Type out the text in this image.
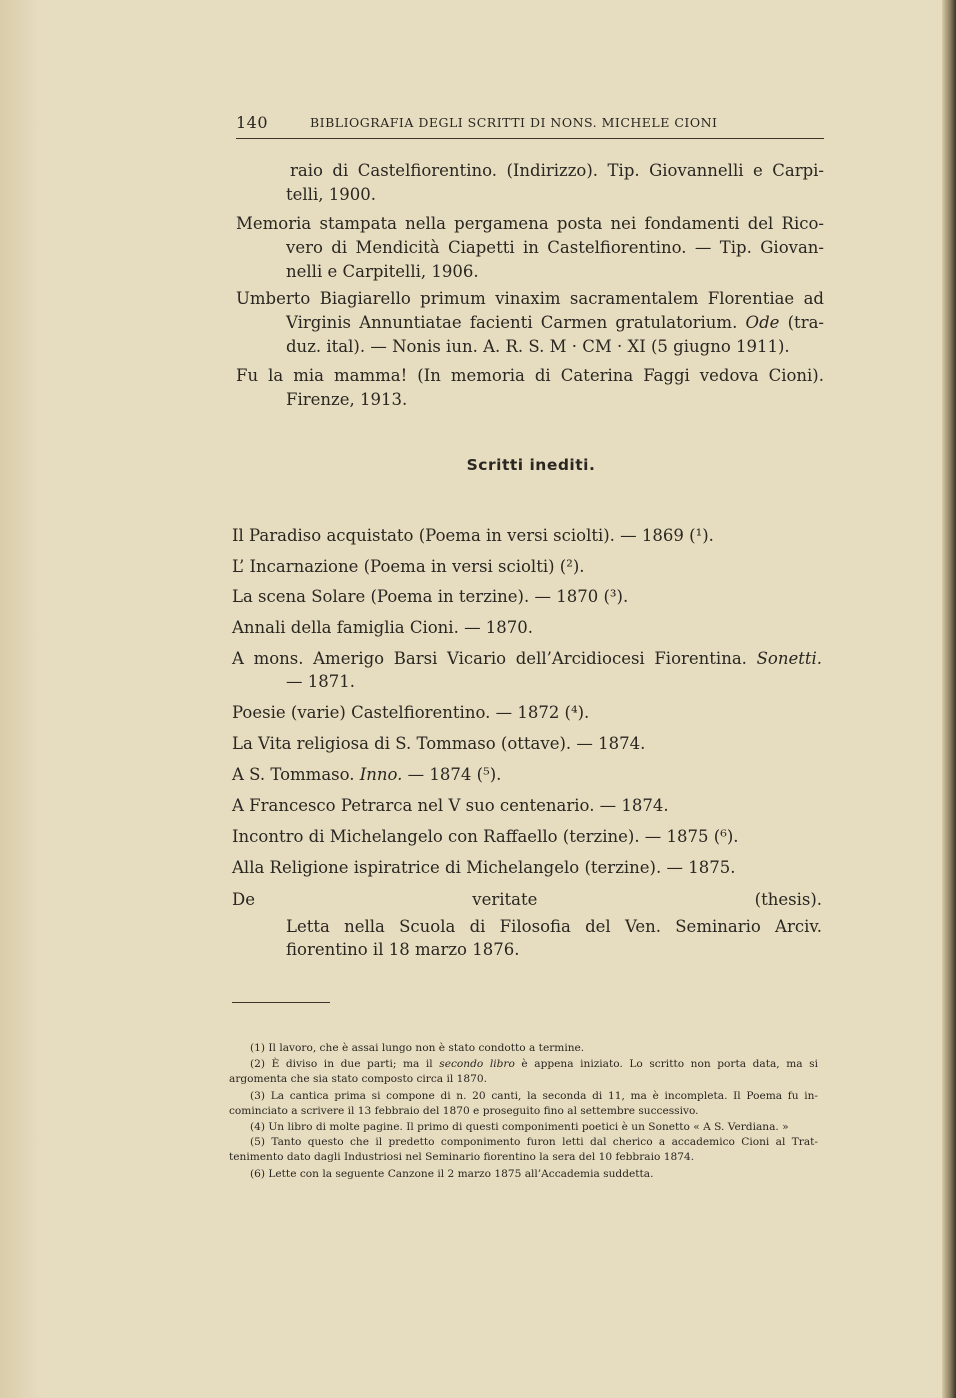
140	BIBLIOGRAFIA DEGLI SCRITTI DI NONS. MICHELE CIONI
raio di Castelfiorentino. (Indirizzo). Tip. Giovannelli e Carpi-
telli, 1900.
Memoria stampata nella pergamena posta nei fondamenti del Rico-
vero di Mendicità Ciapetti in Castelfiorentino. — Tip. Giovan-
nelli e Carpitelli, 1906.
Umberto Biagiarello primum vinaxim sacramentalem Florentiae ad
Virginis Annuntiatae facienti Carmen gratulatorium. Ode (tra-
duz. ital). — Nonis iun. A. R. S. M · CM · XI (5 giugno 1911).
Fu la mia mamma! (In memoria di Caterina Faggi vedova Cioni).
Firenze, 1913.
Scritti inediti.
Il Paradiso acquistato (Poema in versi sciolti). — 1869 (¹).
L’ Incarnazione (Poema in versi sciolti) (²).
La scena Solare (Poema in terzine). — 1870 (³).
Annali della famiglia Cioni. — 1870.
A mons. Amerigo Barsi Vicario dell’Arcidiocesi Fiorentina. Sonetti.
— 1871.
Poesie (varie) Castelfiorentino. — 1872 (⁴).
La Vita religiosa di S. Tommaso (ottave). — 1874.
A S. Tommaso. Inno. — 1874 (⁵).
A Francesco Petrarca nel V suo centenario. — 1874.
Incontro di Michelangelo con Raffaello (terzine). — 1875 (⁶).
Alla Religione ispiratrice di Michelangelo (terzine). — 1875.
De veritate (thesis).
Letta nella Scuola di Filosofia del Ven. Seminario Arciv.
fiorentino il 18 marzo 1876.
(1) Il lavoro, che è assai lungo non è stato condotto a termine.
(2) È diviso in due parti; ma il secondo libro è appena iniziato. Lo scritto non porta data, ma si
argomenta che sia stato composto circa il 1870.
(3) La cantica prima si compone di n. 20 canti, la seconda di 11, ma è incompleta. Il Poema fu in-
cominciato a scrivere il 13 febbraio del 1870 e proseguito fino al settembre successivo.
(4) Un libro di molte pagine. Il primo di questi componimenti poetici è un Sonetto « A S. Verdiana. »
(5) Tanto questo che il predetto componimento furon letti dal cherico a accademico Cioni al Trat-
tenimento dato dagli Industriosi nel Seminario fiorentino la sera del 10 febbraio 1874.
(6) Lette con la seguente Canzone il 2 marzo 1875 all’Accademia suddetta.
